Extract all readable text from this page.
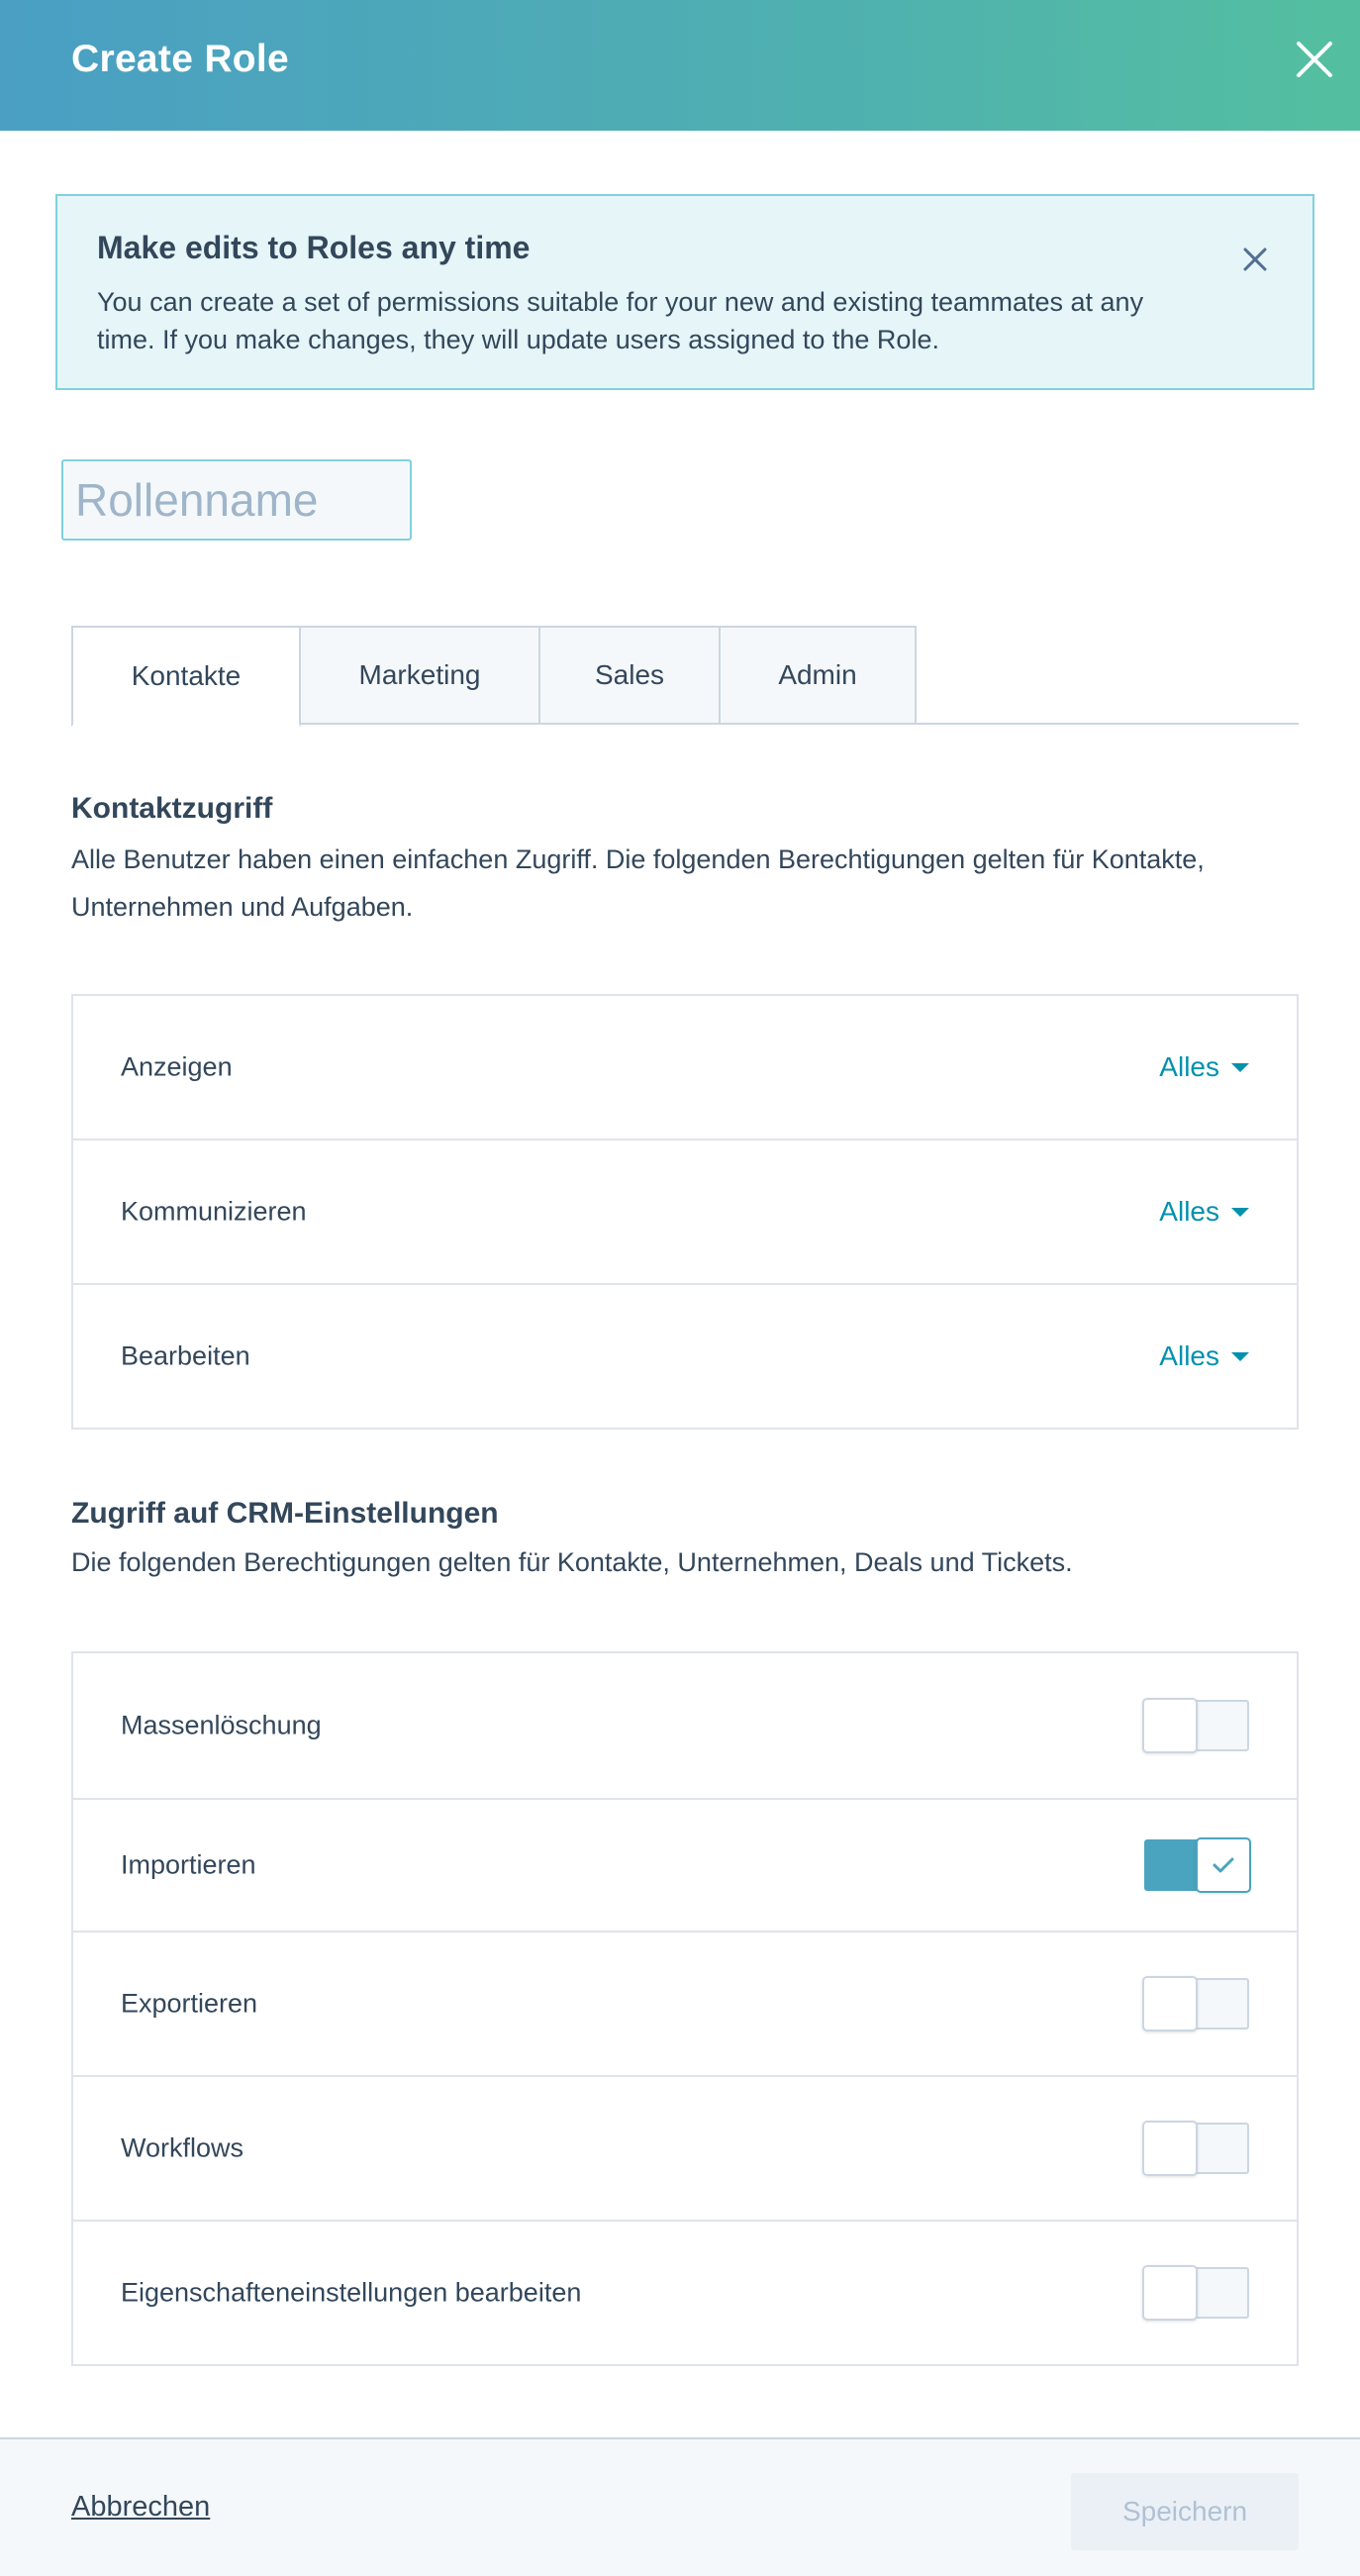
Create Role
Make edits to Roles any time
You can create a set of permissions suitable for your new and existing teammates at any time. If you make changes, they will update users assigned to the Role.
Rollenname
Kontakte	Marketing	Sales	Admin
Kontaktzugriff
Alle Benutzer haben einen einfachen Zugriff. Die folgenden Berechtigungen gelten für Kontakte, Unternehmen und Aufgaben.
Anzeigen	Alles
Kommunizieren	Alles
Bearbeiten	Alles
Zugriff auf CRM-Einstellungen
Die folgenden Berechtigungen gelten für Kontakte, Unternehmen, Deals und Tickets.
Massenlöschung
Importieren
Exportieren
Workflows
Eigenschafteneinstellungen bearbeiten
Abbrechen	Speichern
